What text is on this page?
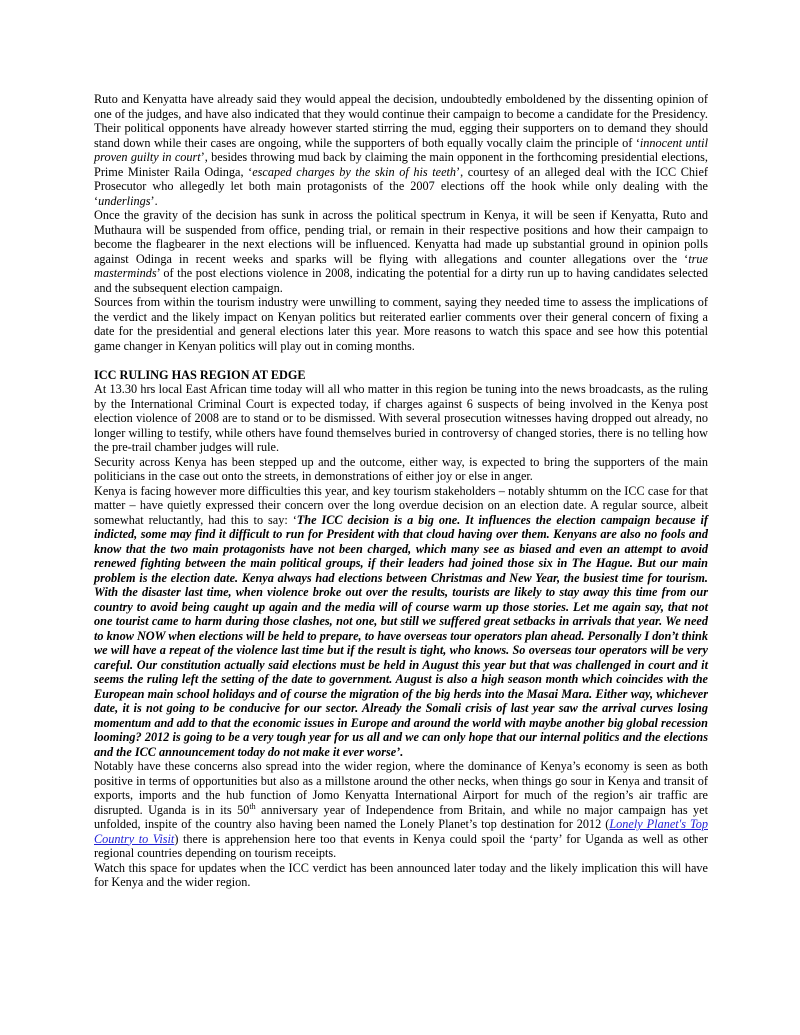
Ruto and Kenyatta have already said they would appeal the decision, undoubtedly emboldened by the dissenting opinion of one of the judges, and have also indicated that they would continue their campaign to become a candidate for the Presidency. Their political opponents have already however started stirring the mud, egging their supporters on to demand they should stand down while their cases are ongoing, while the supporters of both equally vocally claim the principle of ‘innocent until proven guilty in court’, besides throwing mud back by claiming the main opponent in the forthcoming presidential elections, Prime Minister Raila Odinga, ‘escaped charges by the skin of his teeth’, courtesy of an alleged deal with the ICC Chief Prosecutor who allegedly let both main protagonists of the 2007 elections off the hook while only dealing with the ‘underlings’.

Once the gravity of the decision has sunk in across the political spectrum in Kenya, it will be seen if Kenyatta, Ruto and Muthaura will be suspended from office, pending trial, or remain in their respective positions and how their campaign to become the flagbearer in the next elections will be influenced. Kenyatta had made up substantial ground in opinion polls against Odinga in recent weeks and sparks will be flying with allegations and counter allegations over the ‘true masterminds’ of the post elections violence in 2008, indicating the potential for a dirty run up to having candidates selected and the subsequent election campaign.

Sources from within the tourism industry were unwilling to comment, saying they needed time to assess the implications of the verdict and the likely impact on Kenyan politics but reiterated earlier comments over their general concern of fixing a date for the presidential and general elections later this year. More reasons to watch this space and see how this potential game changer in Kenyan politics will play out in coming months.

ICC RULING HAS REGION AT EDGE

At 13.30 hrs local East African time today will all who matter in this region be tuning into the news broadcasts, as the ruling by the International Criminal Court is expected today, if charges against 6 suspects of being involved in the Kenya post election violence of 2008 are to stand or to be dismissed. With several prosecution witnesses having dropped out already, no longer willing to testify, while others have found themselves buried in controversy of changed stories, there is no telling how the pre-trail chamber judges will rule.

Security across Kenya has been stepped up and the outcome, either way, is expected to bring the supporters of the main politicians in the case out onto the streets, in demonstrations of either joy or else in anger.

Kenya is facing however more difficulties this year, and key tourism stakeholders – notably shtumm on the ICC case for that matter – have quietly expressed their concern over the long overdue decision on an election date. A regular source, albeit somewhat reluctantly, had this to say: ‘The ICC decision is a big one. It influences the election campaign because if indicted, some may find it difficult to run for President with that cloud having over them. Kenyans are also no fools and know that the two main protagonists have not been charged, which many see as biased and even an attempt to avoid renewed fighting between the main political groups, if their leaders had joined those six in The Hague. But our main problem is the election date. Kenya always had elections between Christmas and New Year, the busiest time for tourism. With the disaster last time, when violence broke out over the results, tourists are likely to stay away this time from our country to avoid being caught up again and the media will of course warm up those stories. Let me again say, that not one tourist came to harm during those clashes, not one, but still we suffered great setbacks in arrivals that year. We need to know NOW when elections will be held to prepare, to have overseas tour operators plan ahead. Personally I don’t think we will have a repeat of the violence last time but if the result is tight, who knows. So overseas tour operators will be very careful. Our constitution actually said elections must be held in August this year but that was challenged in court and it seems the ruling left the setting of the date to government. August is also a high season month which coincides with the European main school holidays and of course the migration of the big herds into the Masai Mara. Either way, whichever date, it is not going to be conducive for our sector. Already the Somali crisis of last year saw the arrival curves losing momentum and add to that the economic issues in Europe and around the world with maybe another big global recession looming? 2012 is going to be a very tough year for us all and we can only hope that our internal politics and the elections and the ICC announcement today do not make it ever worse’.

Notably have these concerns also spread into the wider region, where the dominance of Kenya’s economy is seen as both positive in terms of opportunities but also as a millstone around the other necks, when things go sour in Kenya and transit of exports, imports and the hub function of Jomo Kenyatta International Airport for much of the region’s air traffic are disrupted. Uganda is in its 50th anniversary year of Independence from Britain, and while no major campaign has yet unfolded, inspite of the country also having been named the Lonely Planet’s top destination for 2012 (Lonely Planet's Top Country to Visit) there is apprehension here too that events in Kenya could spoil the ‘party’ for Uganda as well as other regional countries depending on tourism receipts.

Watch this space for updates when the ICC verdict has been announced later today and the likely implication this will have for Kenya and the wider region.
